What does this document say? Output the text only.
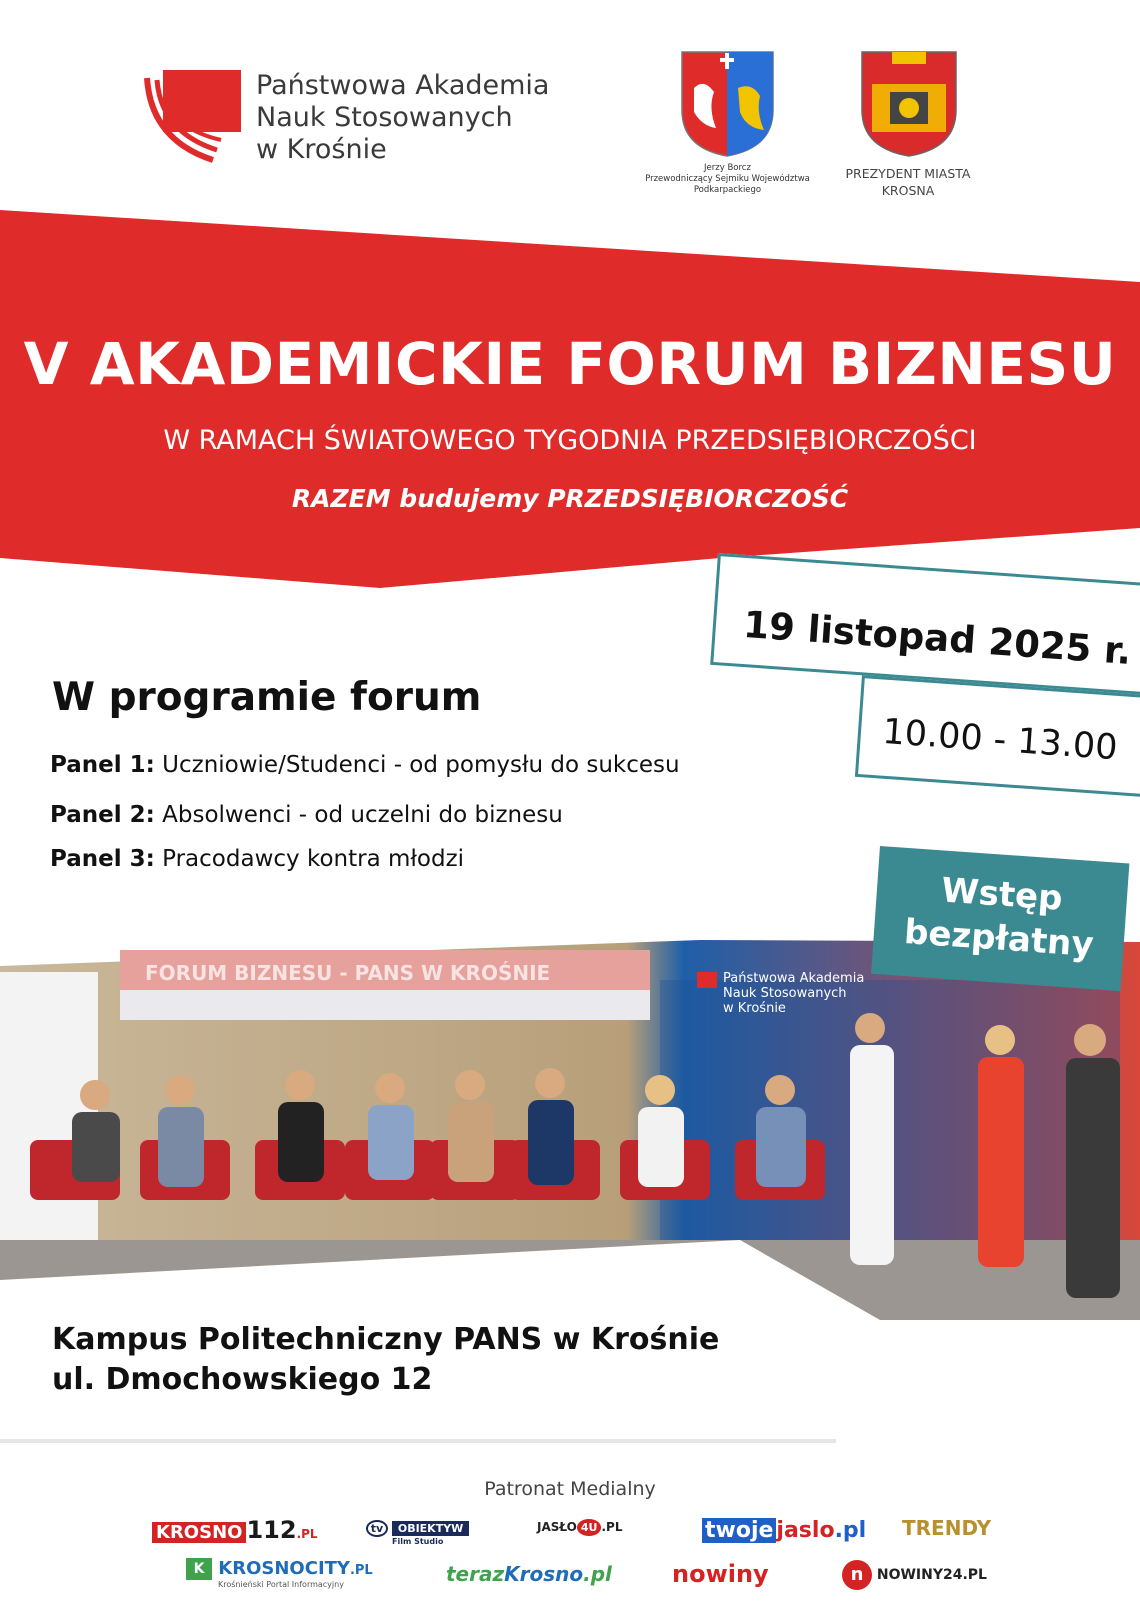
Państwowa Akademia
Nauk Stosowanych
w Krośnie
Jerzy Borcz
Przewodniczący Sejmiku Województwa
Podkarpackiego
PREZYDENT MIASTA
KROSNA
V AKADEMICKIE FORUM BIZNESU
W RAMACH ŚWIATOWEGO TYGODNIA PRZEDSIĘBIORCZOŚCI
RAZEM budujemy PRZEDSIĘBIORCZOŚĆ
FORUM BIZNESU - PANS W KROŚNIE	Państwowa Akademia
Nauk Stosowanych
w Krośnie
19 listopad 2025 r.
10.00 - 13.00
W programie forum
Panel 1: Uczniowie/Studenci - od pomysłu do sukcesu
Panel 2: Absolwenci - od uczelni do biznesu
Panel 3: Pracodawcy kontra młodzi
Wstęp
bezpłatny
Kampus Politechniczny PANS w Krośnie
ul. Dmochowskiego 12
Patronat Medialny
KROSNO 112.PL	tv OBIEKTYW
Film Studio
JASŁO 4U .PL	twoje jaslo.pl TRENDY
K KROSNOCITY.PL
Krośnieński Portal Informacyjny	terazKrosno.pl	nowiny	n NOWINY24.PL
